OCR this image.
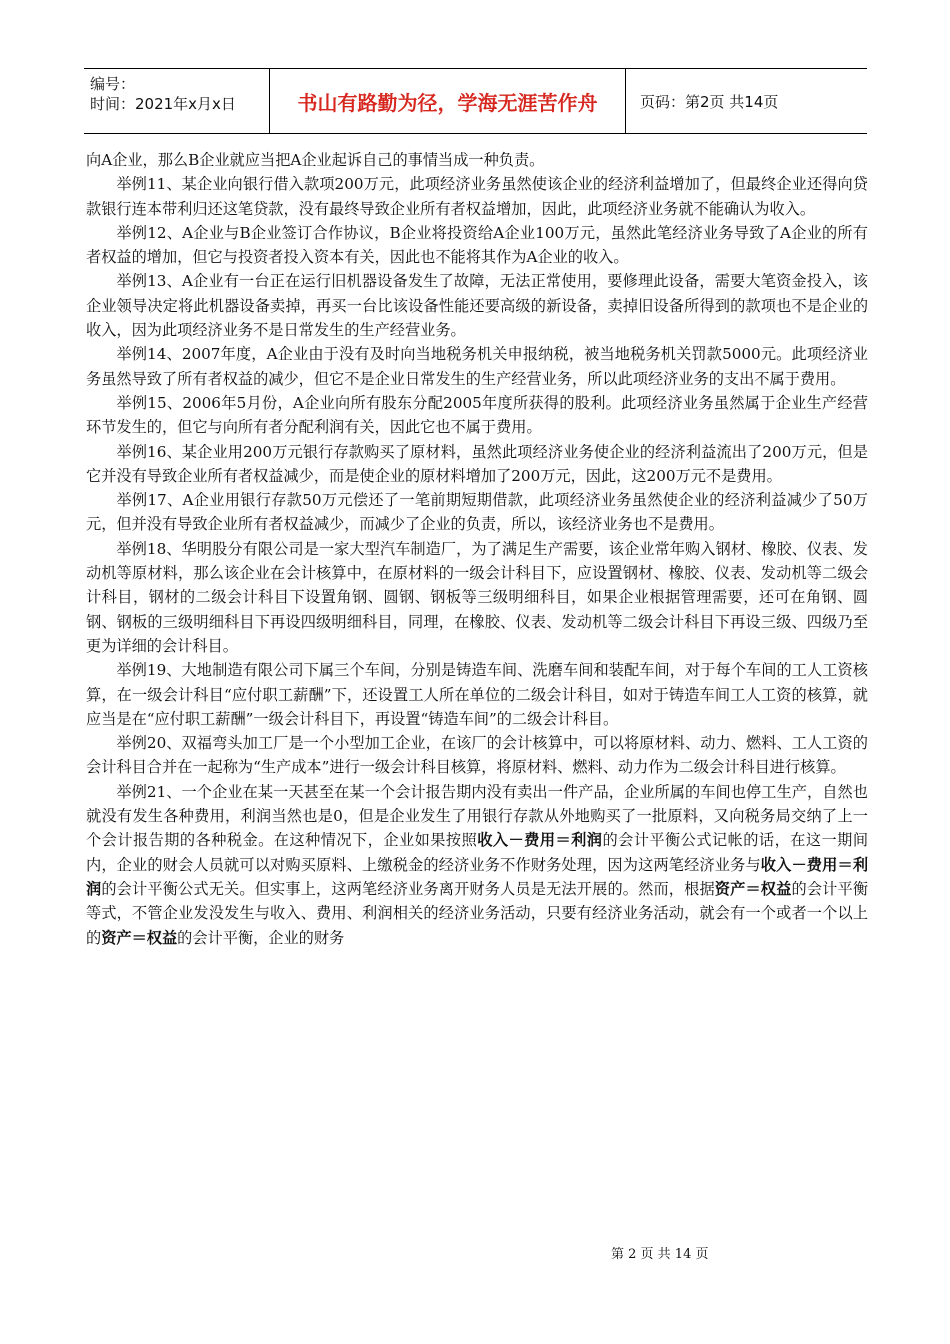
编号：
时间：2021年x月x日	书山有路勤为径，学海无涯苦作舟	页码：第2页 共14页

向A企业，那么B企业就应当把A企业起诉自己的事情当成一种负责。

举例11、某企业向银行借入款项200万元，此项经济业务虽然使该企业的经济利益增加了，但最终企业还得向贷款银行连本带利归还这笔贷款，没有最终导致企业所有者权益增加，因此，此项经济业务就不能确认为收入。

举例12、A企业与B企业签订合作协议，B企业将投资给A企业100万元，虽然此笔经济业务导致了A企业的所有者权益的增加，但它与投资者投入资本有关，因此也不能将其作为A企业的收入。

举例13、A企业有一台正在运行旧机器设备发生了故障，无法正常使用，要修理此设备，需要大笔资金投入，该企业领导决定将此机器设备卖掉，再买一台比该设备性能还要高级的新设备，卖掉旧设备所得到的款项也不是企业的收入，因为此项经济业务不是日常发生的生产经营业务。

举例14、2007年度，A企业由于没有及时向当地税务机关申报纳税，被当地税务机关罚款5000元。此项经济业务虽然导致了所有者权益的减少，但它不是企业日常发生的生产经营业务，所以此项经济业务的支出不属于费用。

举例15、2006年5月份，A企业向所有股东分配2005年度所获得的股利。此项经济业务虽然属于企业生产经营环节发生的，但它与向所有者分配利润有关，因此它也不属于费用。

举例16、某企业用200万元银行存款购买了原材料，虽然此项经济业务使企业的经济利益流出了200万元，但是它并没有导致企业所有者权益减少，而是使企业的原材料增加了200万元，因此，这200万元不是费用。

举例17、A企业用银行存款50万元偿还了一笔前期短期借款，此项经济业务虽然使企业的经济利益减少了50万元，但并没有导致企业所有者权益减少，而减少了企业的负责，所以，该经济业务也不是费用。

举例18、华明股分有限公司是一家大型汽车制造厂，为了满足生产需要，该企业常年购入钢材、橡胶、仪表、发动机等原材料，那么该企业在会计核算中，在原材料的一级会计科目下，应设置钢材、橡胶、仪表、发动机等二级会计科目，钢材的二级会计科目下设置角钢、圆钢、钢板等三级明细科目，如果企业根据管理需要，还可在角钢、圆钢、钢板的三级明细科目下再设四级明细科目，同理，在橡胶、仪表、发动机等二级会计科目下再设三级、四级乃至更为详细的会计科目。

举例19、大地制造有限公司下属三个车间，分别是铸造车间、洗磨车间和装配车间，对于每个车间的工人工资核算，在一级会计科目“应付职工薪酬”下，还设置工人所在单位的二级会计科目，如对于铸造车间工人工资的核算，就应当是在“应付职工薪酬”一级会计科目下，再设置“铸造车间”的二级会计科目。

举例20、双福弯头加工厂是一个小型加工企业，在该厂的会计核算中，可以将原材料、动力、燃料、工人工资的会计科目合并在一起称为“生产成本”进行一级会计科目核算，将原材料、燃料、动力作为二级会计科目进行核算。

举例21、一个企业在某一天甚至在某一个会计报告期内没有卖出一件产品，企业所属的车间也停工生产，自然也就没有发生各种费用，利润当然也是0，但是企业发生了用银行存款从外地购买了一批原料，又向税务局交纳了上一个会计报告期的各种税金。在这种情况下，企业如果按照收入－费用＝利润的会计平衡公式记帐的话，在这一期间内，企业的财会人员就可以对购买原料、上缴税金的经济业务不作财务处理，因为这两笔经济业务与收入－费用＝利润的会计平衡公式无关。但实事上，这两笔经济业务离开财务人员是无法开展的。然而，根据资产＝权益的会计平衡等式，不管企业发没发生与收入、费用、利润相关的经济业务活动，只要有经济业务活动，就会有一个或者一个以上的资产＝权益的会计平衡，企业的财务

第 2 页 共 14 页
